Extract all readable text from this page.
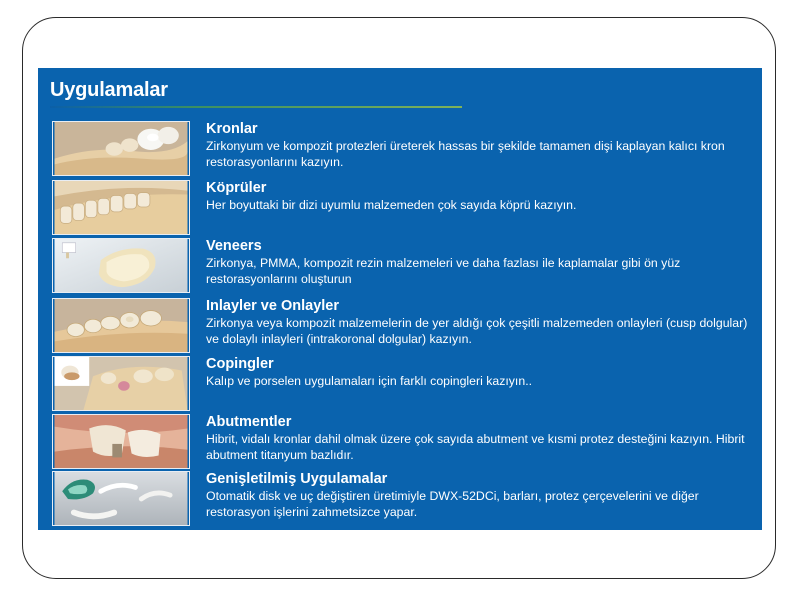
Uygulamalar
Kronlar
Zirkonyum ve kompozit protezleri üreterek hassas bir şekilde tamamen dişi kaplayan kalıcı kron restorasyonlarını kazıyın.
Köprüler
Her boyuttaki bir dizi uyumlu malzemeden çok sayıda köprü kazıyın.
Veneers
Zirkonya, PMMA, kompozit rezin malzemeleri ve daha fazlası ile kaplamalar gibi ön yüz restorasyonlarını oluşturun
Inlayler ve Onlayler
Zirkonya veya kompozit malzemelerin de yer aldığı çok çeşitli malzemeden onlayleri (cusp dolgular) ve dolaylı inlayleri (intrakoronal dolgular) kazıyın.
Copingler
Kalıp ve porselen uygulamaları için farklı copingleri kazıyın..
Abutmentler
Hibrit, vidalı kronlar dahil olmak üzere çok sayıda abutment ve kısmi protez desteğini kazıyın. Hibrit abutment titanyum bazlıdır.
Genişletilmiş Uygulamalar
Otomatik disk ve uç değiştiren üretimiyle DWX-52DCi, barları, protez çerçevelerini ve diğer restorasyon işlerini zahmetsizce yapar.
